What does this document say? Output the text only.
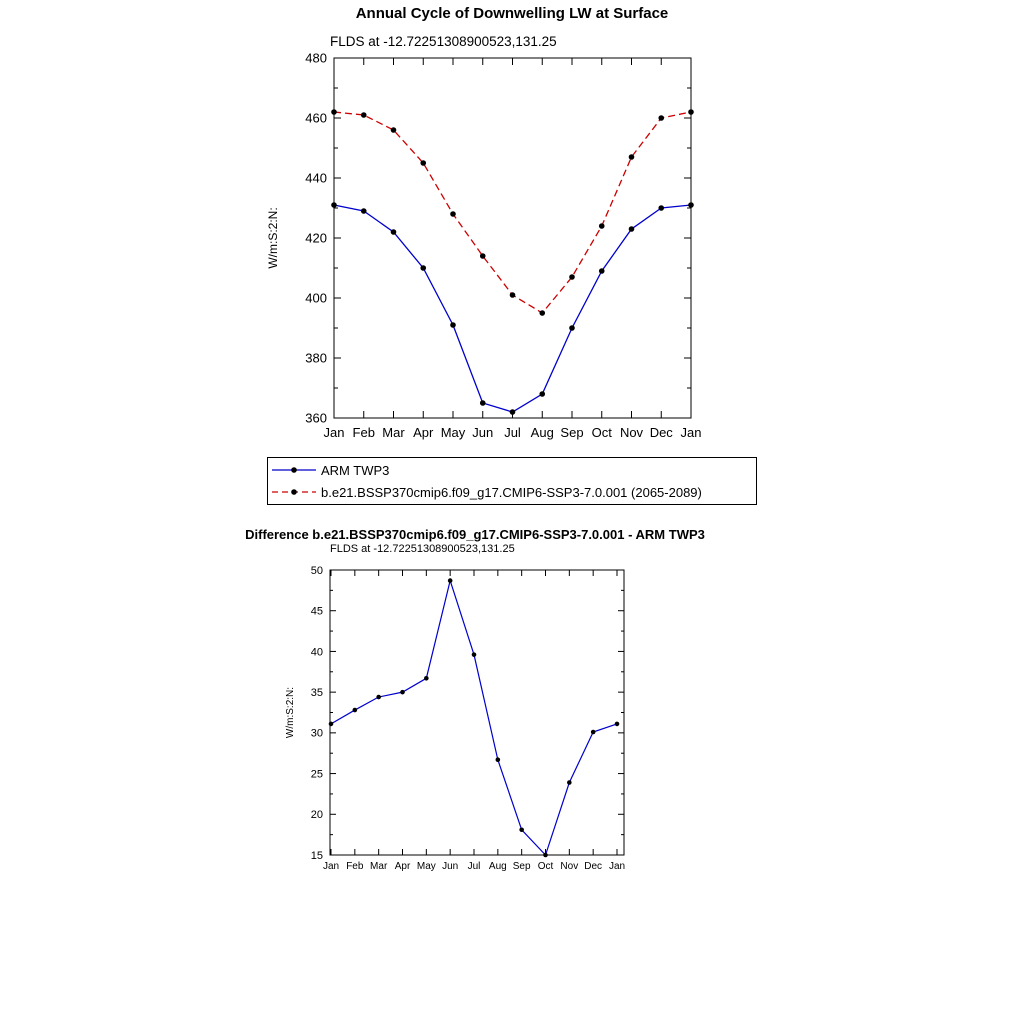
Annual Cycle of Downwelling LW at Surface
FLDS at -12.72251308900523,131.25
360
380
400
420
440
460
480
Jan Feb Mar Apr May Jun Jul Aug Sep Oct Nov Dec Jan
W/m:S:2:N:
15
20
25
30
35
40
45
50
Jan Feb Mar Apr May Jun Jul Aug Sep Oct Nov Dec Jan
W/m:S:2:N:
ARM TWP3
b.e21.BSSP370cmip6.f09_g17.CMIP6-SSP3-7.0.001 (2065-2089)
Difference b.e21.BSSP370cmip6.f09_g17.CMIP6-SSP3-7.0.001 - ARM TWP3
FLDS at -12.72251308900523,131.25
